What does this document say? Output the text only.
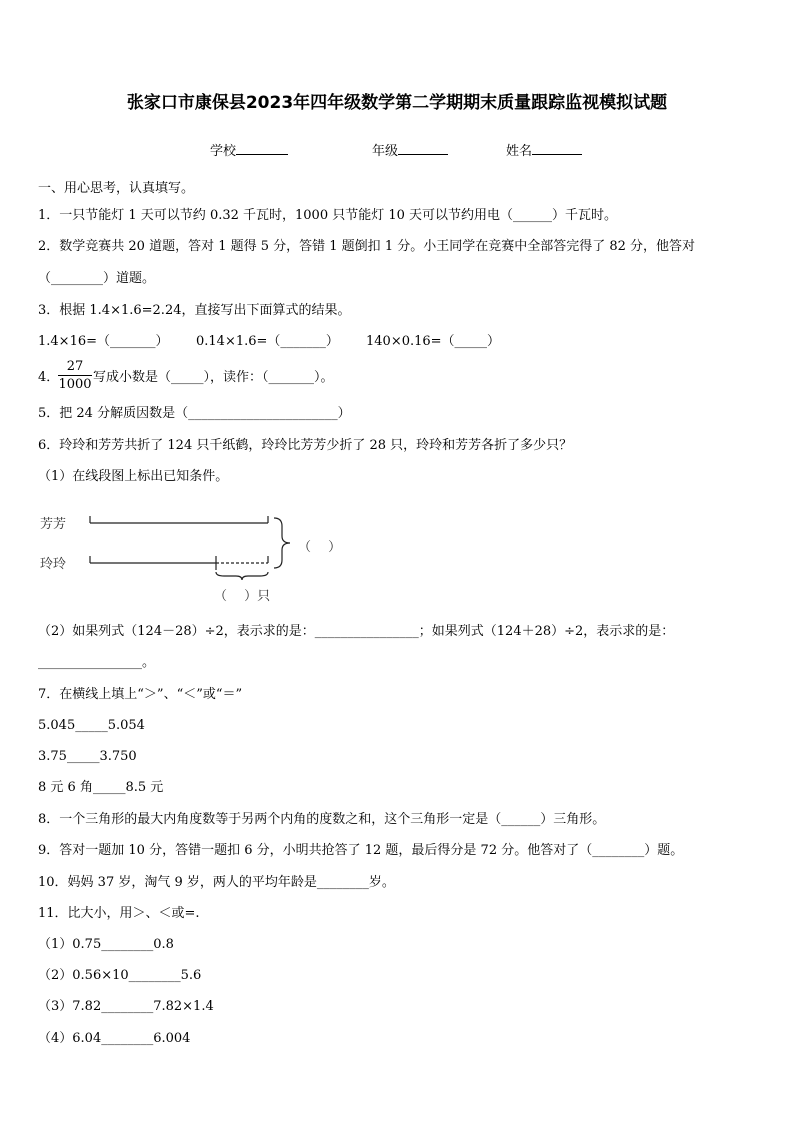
张家口市康保县2023年四年级数学第二学期期末质量跟踪监视模拟试题
学校	年级	姓名
一、用心思考，认真填写。
1．一只节能灯 1 天可以节约 0.32 千瓦时，1000 只节能灯 10 天可以节约用电（______）千瓦时。
2．数学竞赛共 20 道题，答对 1 题得 5 分，答错 1 题倒扣 1 分。小王同学在竞赛中全部答完得了 82 分，他答对
（________）道题。
3．根据 1.4×1.6=2.24，直接写出下面算式的结果。
1.4×16=（_______） 0.14×1.6=（_______） 140×0.16=（_____）
4．
27
1000 写成小数是（_____），读作：（_______）。
5．把 24 分解质因数是（_______________________）
6．玲玲和芳芳共折了 124 只千纸鹤，玲玲比芳芳少折了 28 只，玲玲和芳芳各折了多少只？
（1）在线段图上标出已知条件。
芳芳
玲玲
（　 ）
（　 ）只
（2）如果列式（124－28）÷2，表示求的是：________________；如果列式（124＋28）÷2，表示求的是：
________________。
7．在横线上填上“＞”、“＜”或“＝”
5.045_____5.054
3.75_____3.750
8 元 6 角_____8.5 元
8．一个三角形的最大内角度数等于另两个内角的度数之和，这个三角形一定是（______）三角形。
9．答对一题加 10 分，答错一题扣 6 分，小明共抢答了 12 题，最后得分是 72 分。他答对了（________）题。
10．妈妈 37 岁，淘气 9 岁，两人的平均年龄是________岁。
11．比大小，用＞、＜或=.
（1）0.75________0.8
（2）0.56×10________5.6
（3）7.82________7.82×1.4
（4）6.04________6.004
